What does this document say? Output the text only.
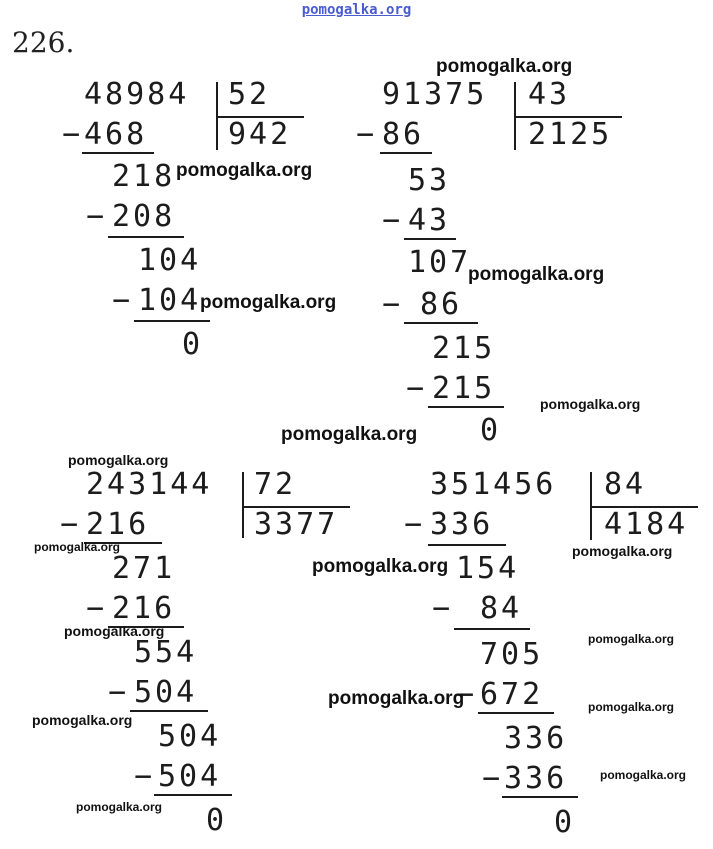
pomogalka.org
226.
48984 52
942
− 468
218
− 208
104
− 104
0
91375 43
2125
− 86
53
− 43
107
− 86
215
− 215
0
243144 72
3377
− 216
271
− 216
554
− 504
504
− 504
0
351456 84
4184
− 336
154
− 84
705
− 672
336
− 336
0
pomogalka.org
pomogalka.org
pomogalka.org
pomogalka.org
pomogalka.org
pomogalka.org
pomogalka.org
pomogalka.org	pomogalka.org
pomogalka.org
pomogalka.org	pomogalka.org
pomogalka.org	pomogalka.org
pomogalka.org
pomogalka.org
pomogalka.org
